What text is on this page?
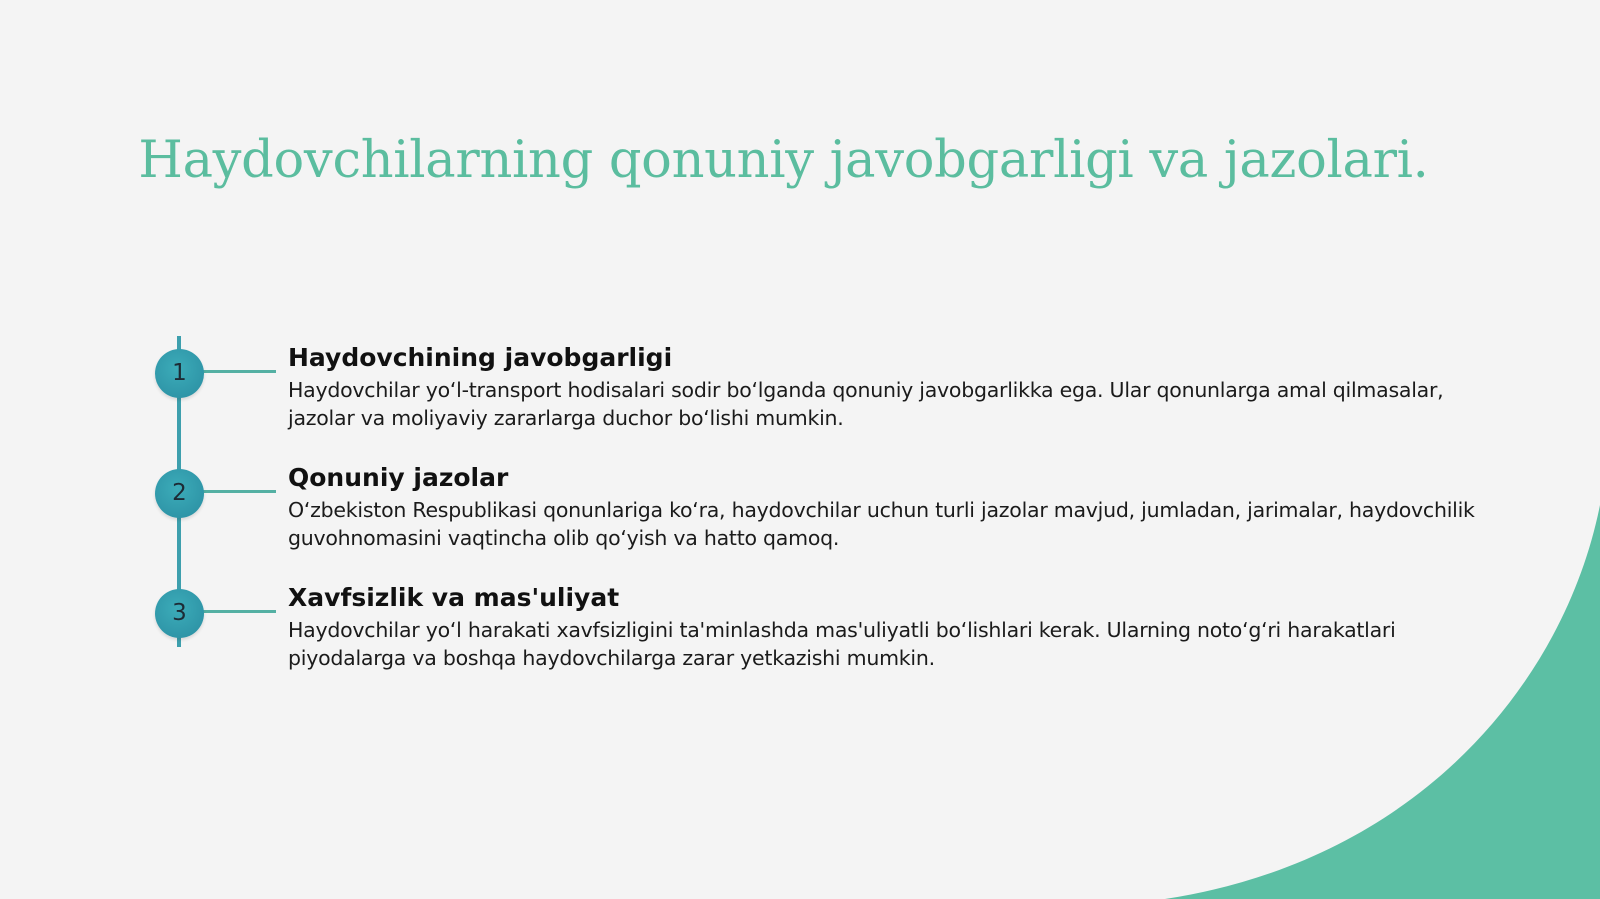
Haydovchilarning qonuniy javobgarligi va jazolari.
1
2
3
Haydovchining javobgarligi

Haydovchilar yo‘l-transport hodisalari sodir bo‘lganda qonuniy javobgarlikka ega. Ular qonunlarga amal qilmasalar, jazolar va moliyaviy zararlarga duchor bo‘lishi mumkin.

Qonuniy jazolar

O‘zbekiston Respublikasi qonunlariga ko‘ra, haydovchilar uchun turli jazolar mavjud, jumladan, jarimalar, haydovchilik guvohnomasini vaqtincha olib qo‘yish va hatto qamoq.

Xavfsizlik va mas'uliyat

Haydovchilar yo‘l harakati xavfsizligini ta'minlashda mas'uliyatli bo‘lishlari kerak. Ularning noto‘g‘ri harakatlari piyodalarga va boshqa haydovchilarga zarar yetkazishi mumkin.
